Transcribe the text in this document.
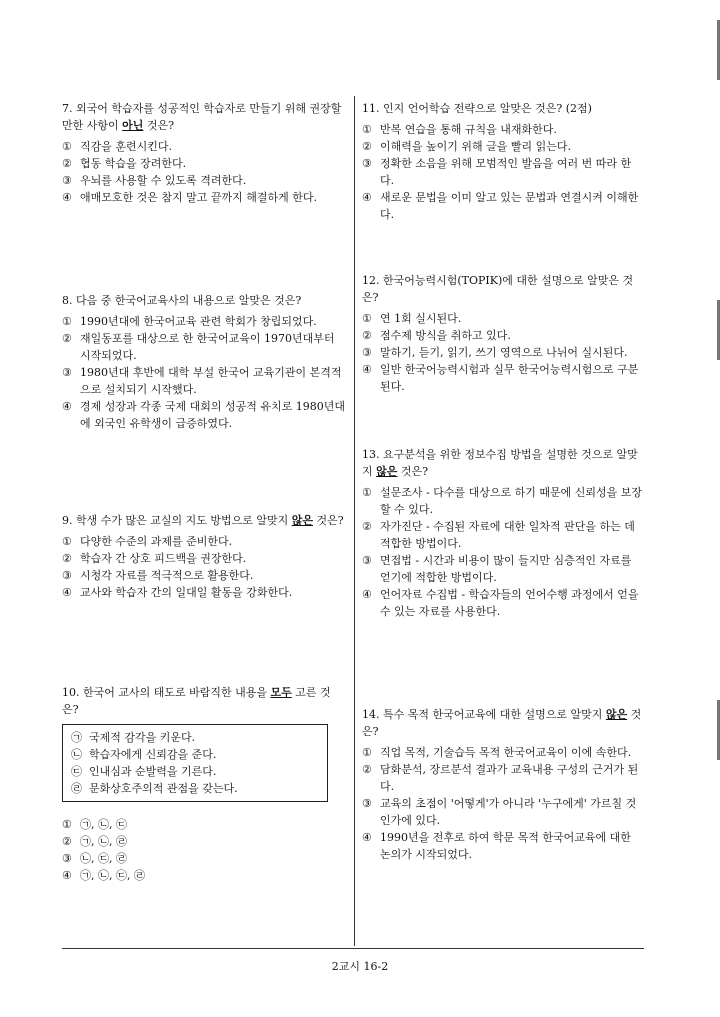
7. 외국어 학습자를 성공적인 학습자로 만들기 위해 권장할 만한 사항이 아닌 것은?

① 직감을 훈련시킨다.
② 협동 학습을 장려한다.
③ 우뇌를 사용할 수 있도록 격려한다.
④ 애매모호한 것은 참지 말고 끝까지 해결하게 한다.

8. 다음 중 한국어교육사의 내용으로 알맞은 것은?

① 1990년대에 한국어교육 관련 학회가 창립되었다.
② 재일동포를 대상으로 한 한국어교육이 1970년대부터 시작되었다.
③ 1980년대 후반에 대학 부설 한국어 교육기관이 본격적으로 설치되기 시작했다.
④ 경제 성장과 각종 국제 대회의 성공적 유치로 1980년대에 외국인 유학생이 급증하였다.

9. 학생 수가 많은 교실의 지도 방법으로 알맞지 않은 것은?

① 다양한 수준의 과제를 준비한다.
② 학습자 간 상호 피드백을 권장한다.
③ 시청각 자료를 적극적으로 활용한다.
④ 교사와 학습자 간의 일대일 활동을 강화한다.

10. 한국어 교사의 태도로 바람직한 내용을 모두 고른 것은?

㉠ 국제적 감각을 키운다.
㉡ 학습자에게 신뢰감을 준다.
㉢ 인내심과 순발력을 기른다.
㉣ 문화상호주의적 관점을 갖는다.
① ㉠, ㉡, ㉢
② ㉠, ㉡, ㉣
③ ㉡, ㉢, ㉣
④ ㉠, ㉡, ㉢, ㉣

11. 인지 언어학습 전략으로 알맞은 것은? (2점)

① 반복 연습을 통해 규칙을 내재화한다.
② 이해력을 높이기 위해 글을 빨리 읽는다.
③ 정확한 소음을 위해 모범적인 발음을 여러 번 따라 한다.
④ 새로운 문법을 이미 알고 있는 문법과 연결시켜 이해한다.

12. 한국어능력시험(TOPIK)에 대한 설명으로 알맞은 것은?

① 연 1회 실시된다.
② 점수제 방식을 취하고 있다.
③ 말하기, 듣기, 읽기, 쓰기 영역으로 나뉘어 실시된다.
④ 일반 한국어능력시험과 실무 한국어능력시험으로 구분된다.

13. 요구분석을 위한 정보수집 방법을 설명한 것으로 알맞지 않은 것은?

① 설문조사 - 다수를 대상으로 하기 때문에 신뢰성을 보장할 수 있다.
② 자가진단 - 수집된 자료에 대한 일차적 판단을 하는 데 적합한 방법이다.
③ 면접법 - 시간과 비용이 많이 들지만 심층적인 자료를 얻기에 적합한 방법이다.
④ 언어자료 수집법 - 학습자들의 언어수행 과정에서 얻을 수 있는 자료를 사용한다.

14. 특수 목적 한국어교육에 대한 설명으로 알맞지 않은 것은?

① 직업 목적, 기술습득 목적 한국어교육이 이에 속한다.
② 담화분석, 장르분석 결과가 교육내용 구성의 근거가 된다.
③ 교육의 초점이 '어떻게'가 아니라 '누구에게' 가르칠 것인가에 있다.
④ 1990년을 전후로 하여 학문 목적 한국어교육에 대한 논의가 시작되었다.
2교시 16-2
